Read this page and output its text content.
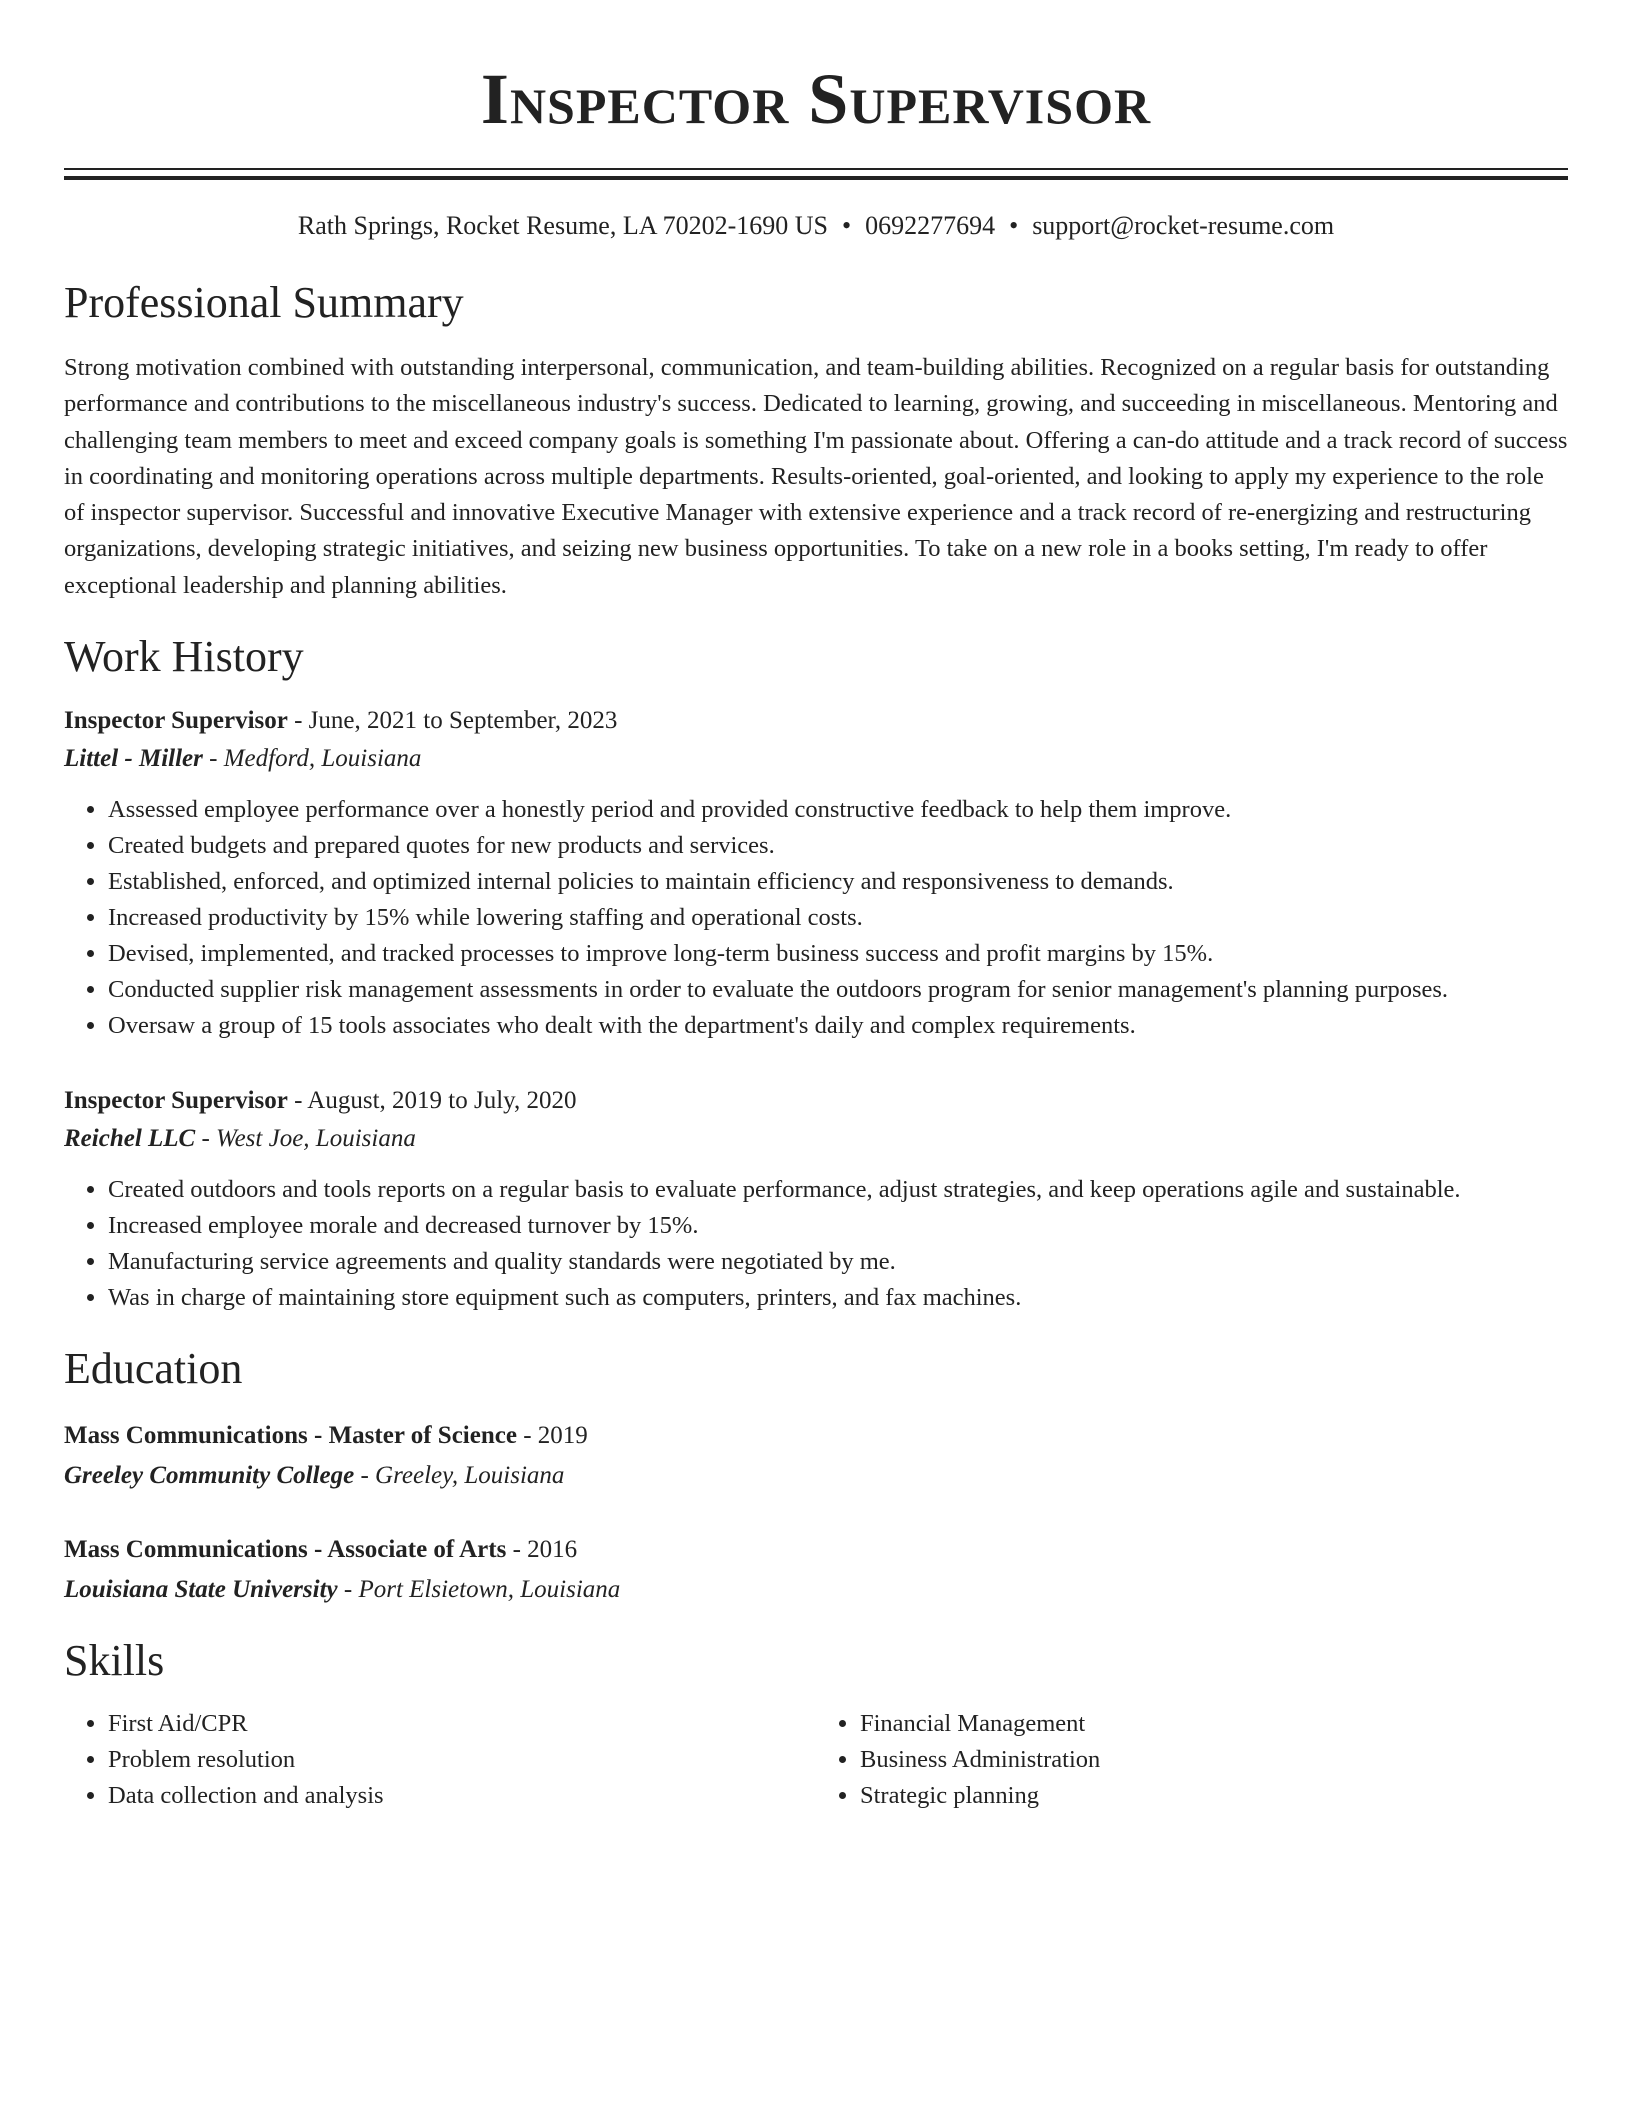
Inspector Supervisor
Rath Springs, Rocket Resume, LA 70202-1690 US • 0692277694 • support@rocket-resume.com
Professional Summary

Strong motivation combined with outstanding interpersonal, communication, and team-building abilities. Recognized on a regular basis for outstanding performance and contributions to the miscellaneous industry's success. Dedicated to learning, growing, and succeeding in miscellaneous. Mentoring and challenging team members to meet and exceed company goals is something I'm passionate about. Offering a can-do attitude and a track record of success in coordinating and monitoring operations across multiple departments. Results-oriented, goal-oriented, and looking to apply my experience to the role of inspector supervisor. Successful and innovative Executive Manager with extensive experience and a track record of re-energizing and restructuring organizations, developing strategic initiatives, and seizing new business opportunities. To take on a new role in a books setting, I'm ready to offer exceptional leadership and planning abilities.

Work History
Inspector Supervisor - June, 2021 to September, 2023
Littel - Miller - Medford, Louisiana
• Assessed employee performance over a honestly period and provided constructive feedback to help them improve.
• Created budgets and prepared quotes for new products and services.
• Established, enforced, and optimized internal policies to maintain efficiency and responsiveness to demands.
• Increased productivity by 15% while lowering staffing and operational costs.
• Devised, implemented, and tracked processes to improve long-term business success and profit margins by 15%.
• Conducted supplier risk management assessments in order to evaluate the outdoors program for senior management's planning purposes.
• Oversaw a group of 15 tools associates who dealt with the department's daily and complex requirements.
Inspector Supervisor - August, 2019 to July, 2020
Reichel LLC - West Joe, Louisiana
• Created outdoors and tools reports on a regular basis to evaluate performance, adjust strategies, and keep operations agile and sustainable.
• Increased employee morale and decreased turnover by 15%.
• Manufacturing service agreements and quality standards were negotiated by me.
• Was in charge of maintaining store equipment such as computers, printers, and fax machines.
Education
Mass Communications - Master of Science - 2019
Greeley Community College - Greeley, Louisiana
Mass Communications - Associate of Arts - 2016
Louisiana State University - Port Elsietown, Louisiana
Skills
• First Aid/CPR
• Problem resolution
• Data collection and analysis
• Financial Management
• Business Administration
• Strategic planning
